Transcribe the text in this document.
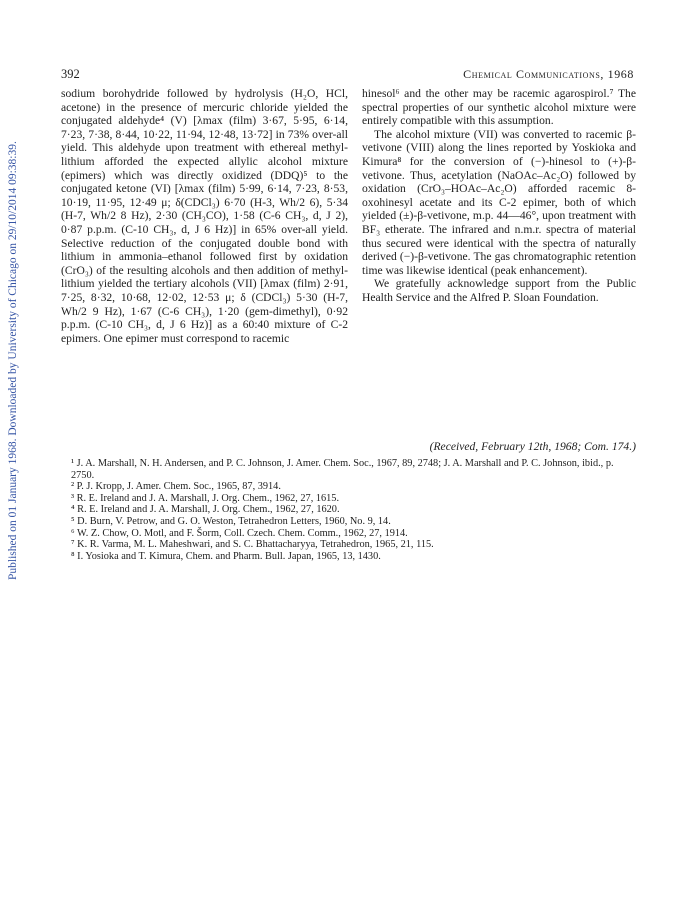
Published on 01 January 1968. Downloaded by University of Chicago on 29/10/2014 09:38:39.
392	Chemical Communications, 1968

sodium borohydride followed by hydrolysis (H₂O, HCl, acetone) in the presence of mercuric chloride yielded the conjugated aldehyde⁴ (V) [λmax (film) 3·67, 5·95, 6·14, 7·23, 7·38, 8·44, 10·22, 11·94, 12·48, 13·72] in 73% over-all yield. This aldehyde upon treatment with ethereal methyl-lithium afforded the expected allylic alcohol mixture (epimers) which was directly oxidized (DDQ)⁵ to the conjugated ketone (VI) [λmax (film) 5·99, 6·14, 7·23, 8·53, 10·19, 11·95, 12·49 μ; δ(CDCl₃) 6·70 (H-3, Wh/2 6), 5·34 (H-7, Wh/2 8 Hz), 2·30 (CH₃CO), 1·58 (C-6 CH₃, d, J 2), 0·87 p.p.m. (C-10 CH₃, d, J 6 Hz)] in 65% over-all yield. Selective reduction of the conjugated double bond with lithium in ammonia–ethanol followed first by oxidation (CrO₃) of the resulting alcohols and then addition of methyl-lithium yielded the tertiary alcohols (VII) [λmax (film) 2·91, 7·25, 8·32, 10·68, 12·02, 12·53 μ; δ (CDCl₃) 5·30 (H-7, Wh/2 9 Hz), 1·67 (C-6 CH₃), 1·20 (gem-dimethyl), 0·92 p.p.m. (C-10 CH₃, d, J 6 Hz)] as a 60:40 mixture of C-2 epimers. One epimer must correspond to racemic

hinesol⁶ and the other may be racemic agarospirol.⁷ The spectral properties of our synthetic alcohol mixture were entirely compatible with this assumption.

The alcohol mixture (VII) was converted to racemic β-vetivone (VIII) along the lines reported by Yoskioka and Kimura⁸ for the conversion of (−)-hinesol to (+)-β-vetivone. Thus, acetylation (NaOAc–Ac₂O) followed by oxidation (CrO₃–HOAc–Ac₂O) afforded racemic 8-oxohinesyl acetate and its C-2 epimer, both of which yielded (±)-β-vetivone, m.p. 44—46°, upon treatment with BF₃ etherate. The infrared and n.m.r. spectra of material thus secured were identical with the spectra of naturally derived (−)-β-vetivone. The gas chromatographic retention time was likewise identical (peak enhancement).

We gratefully acknowledge support from the Public Health Service and the Alfred P. Sloan Foundation.

(Received, February 12th, 1968; Com. 174.)
¹ J. A. Marshall, N. H. Andersen, and P. C. Johnson, J. Amer. Chem. Soc., 1967, 89, 2748; J. A. Marshall and P. C. Johnson, ibid., p. 2750.
² P. J. Kropp, J. Amer. Chem. Soc., 1965, 87, 3914.
³ R. E. Ireland and J. A. Marshall, J. Org. Chem., 1962, 27, 1615.
⁴ R. E. Ireland and J. A. Marshall, J. Org. Chem., 1962, 27, 1620.
⁵ D. Burn, V. Petrow, and G. O. Weston, Tetrahedron Letters, 1960, No. 9, 14.
⁶ W. Z. Chow, O. Motl, and F. Šorm, Coll. Czech. Chem. Comm., 1962, 27, 1914.
⁷ K. R. Varma, M. L. Maheshwari, and S. C. Bhattacharyya, Tetrahedron, 1965, 21, 115.
⁸ I. Yosioka and T. Kimura, Chem. and Pharm. Bull. Japan, 1965, 13, 1430.
